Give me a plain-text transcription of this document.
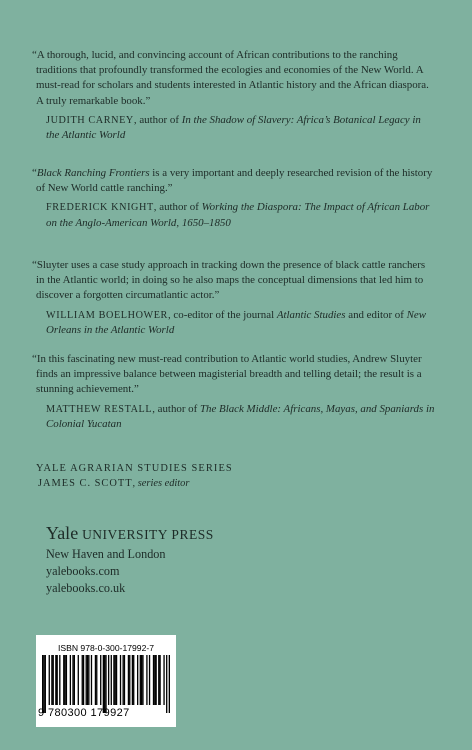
“A thorough, lucid, and convincing account of African contributions to the ranching traditions that profoundly transformed the ecologies and economies of the New World. A must-read for scholars and students interested in Atlantic history and the African diaspora. A truly remarkable book.”

JUDITH CARNEY, author of In the Shadow of Slavery: Africa’s Botanical Legacy in the Atlantic World

“Black Ranching Frontiers is a very important and deeply researched revision of the history of New World cattle ranching.”

FREDERICK KNIGHT, author of Working the Diaspora: The Impact of African Labor on the Anglo-American World, 1650–1850

“Sluyter uses a case study approach in tracking down the presence of black cattle ranchers in the Atlantic world; in doing so he also maps the conceptual dimensions that led him to discover a forgotten circumatlantic actor.”

WILLIAM BOELHOWER, co-editor of the journal Atlantic Studies and editor of New Orleans in the Atlantic World

“In this fascinating new must-read contribution to Atlantic world studies, Andrew Sluyter finds an impressive balance between magisterial breadth and telling detail; the result is a stunning achievement.”

MATTHEW RESTALL, author of The Black Middle: Africans, Mayas, and Spaniards in Colonial Yucatan

YALE AGRARIAN STUDIES SERIES
JAMES C. SCOTT, series editor
Yale UNIVERSITY PRESS
New Haven and London
yalebooks.com
yalebooks.co.uk
ISBN 978-0-300-17992-7
9 780300 179927
